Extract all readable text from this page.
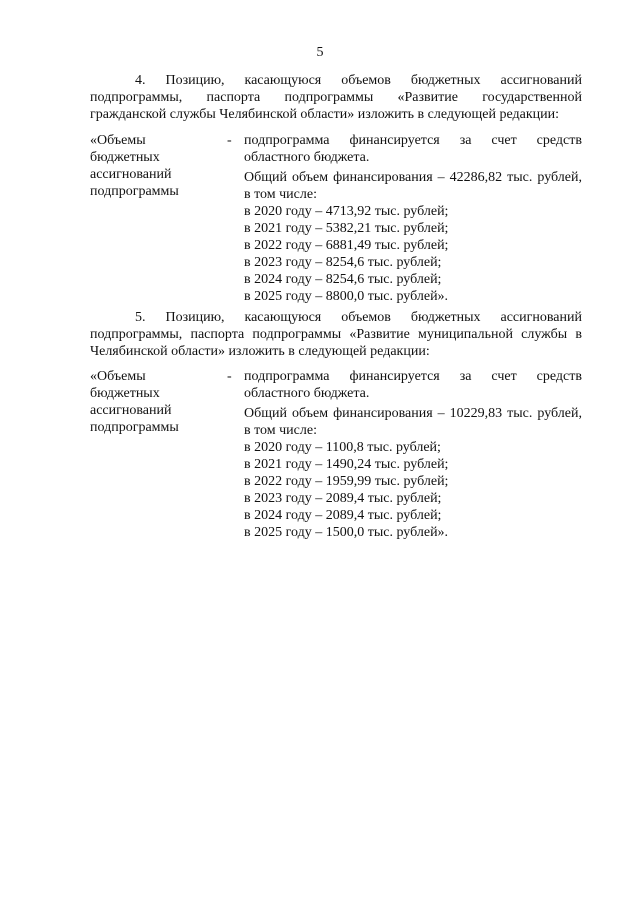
5
4. Позицию, касающуюся объемов бюджетных ассигнований
подпрограммы, паспорта подпрограммы «Развитие государственной
гражданской службы Челябинской области» изложить в следующей редакции:
«Объемы
бюджетных
ассигнований
подпрограммы
- подпрограмма финансируется за счет средств
областного бюджета.
Общий объем финансирования – 42286,82 тыс. рублей,
в том числе:
в 2020 году – 4713,92 тыс. рублей;
в 2021 году – 5382,21 тыс. рублей;
в 2022 году – 6881,49 тыс. рублей;
в 2023 году – 8254,6 тыс. рублей;
в 2024 году – 8254,6 тыс. рублей;
в 2025 году – 8800,0 тыс. рублей».
5. Позицию, касающуюся объемов бюджетных ассигнований
подпрограммы, паспорта подпрограммы «Развитие муниципальной службы в
Челябинской области» изложить в следующей редакции:
«Объемы
бюджетных
ассигнований
подпрограммы
- подпрограмма финансируется за счет средств
областного бюджета.
Общий объем финансирования – 10229,83 тыс. рублей,
в том числе:
в 2020 году – 1100,8 тыс. рублей;
в 2021 году – 1490,24 тыс. рублей;
в 2022 году – 1959,99 тыс. рублей;
в 2023 году – 2089,4 тыс. рублей;
в 2024 году – 2089,4 тыс. рублей;
в 2025 году – 1500,0 тыс. рублей».
